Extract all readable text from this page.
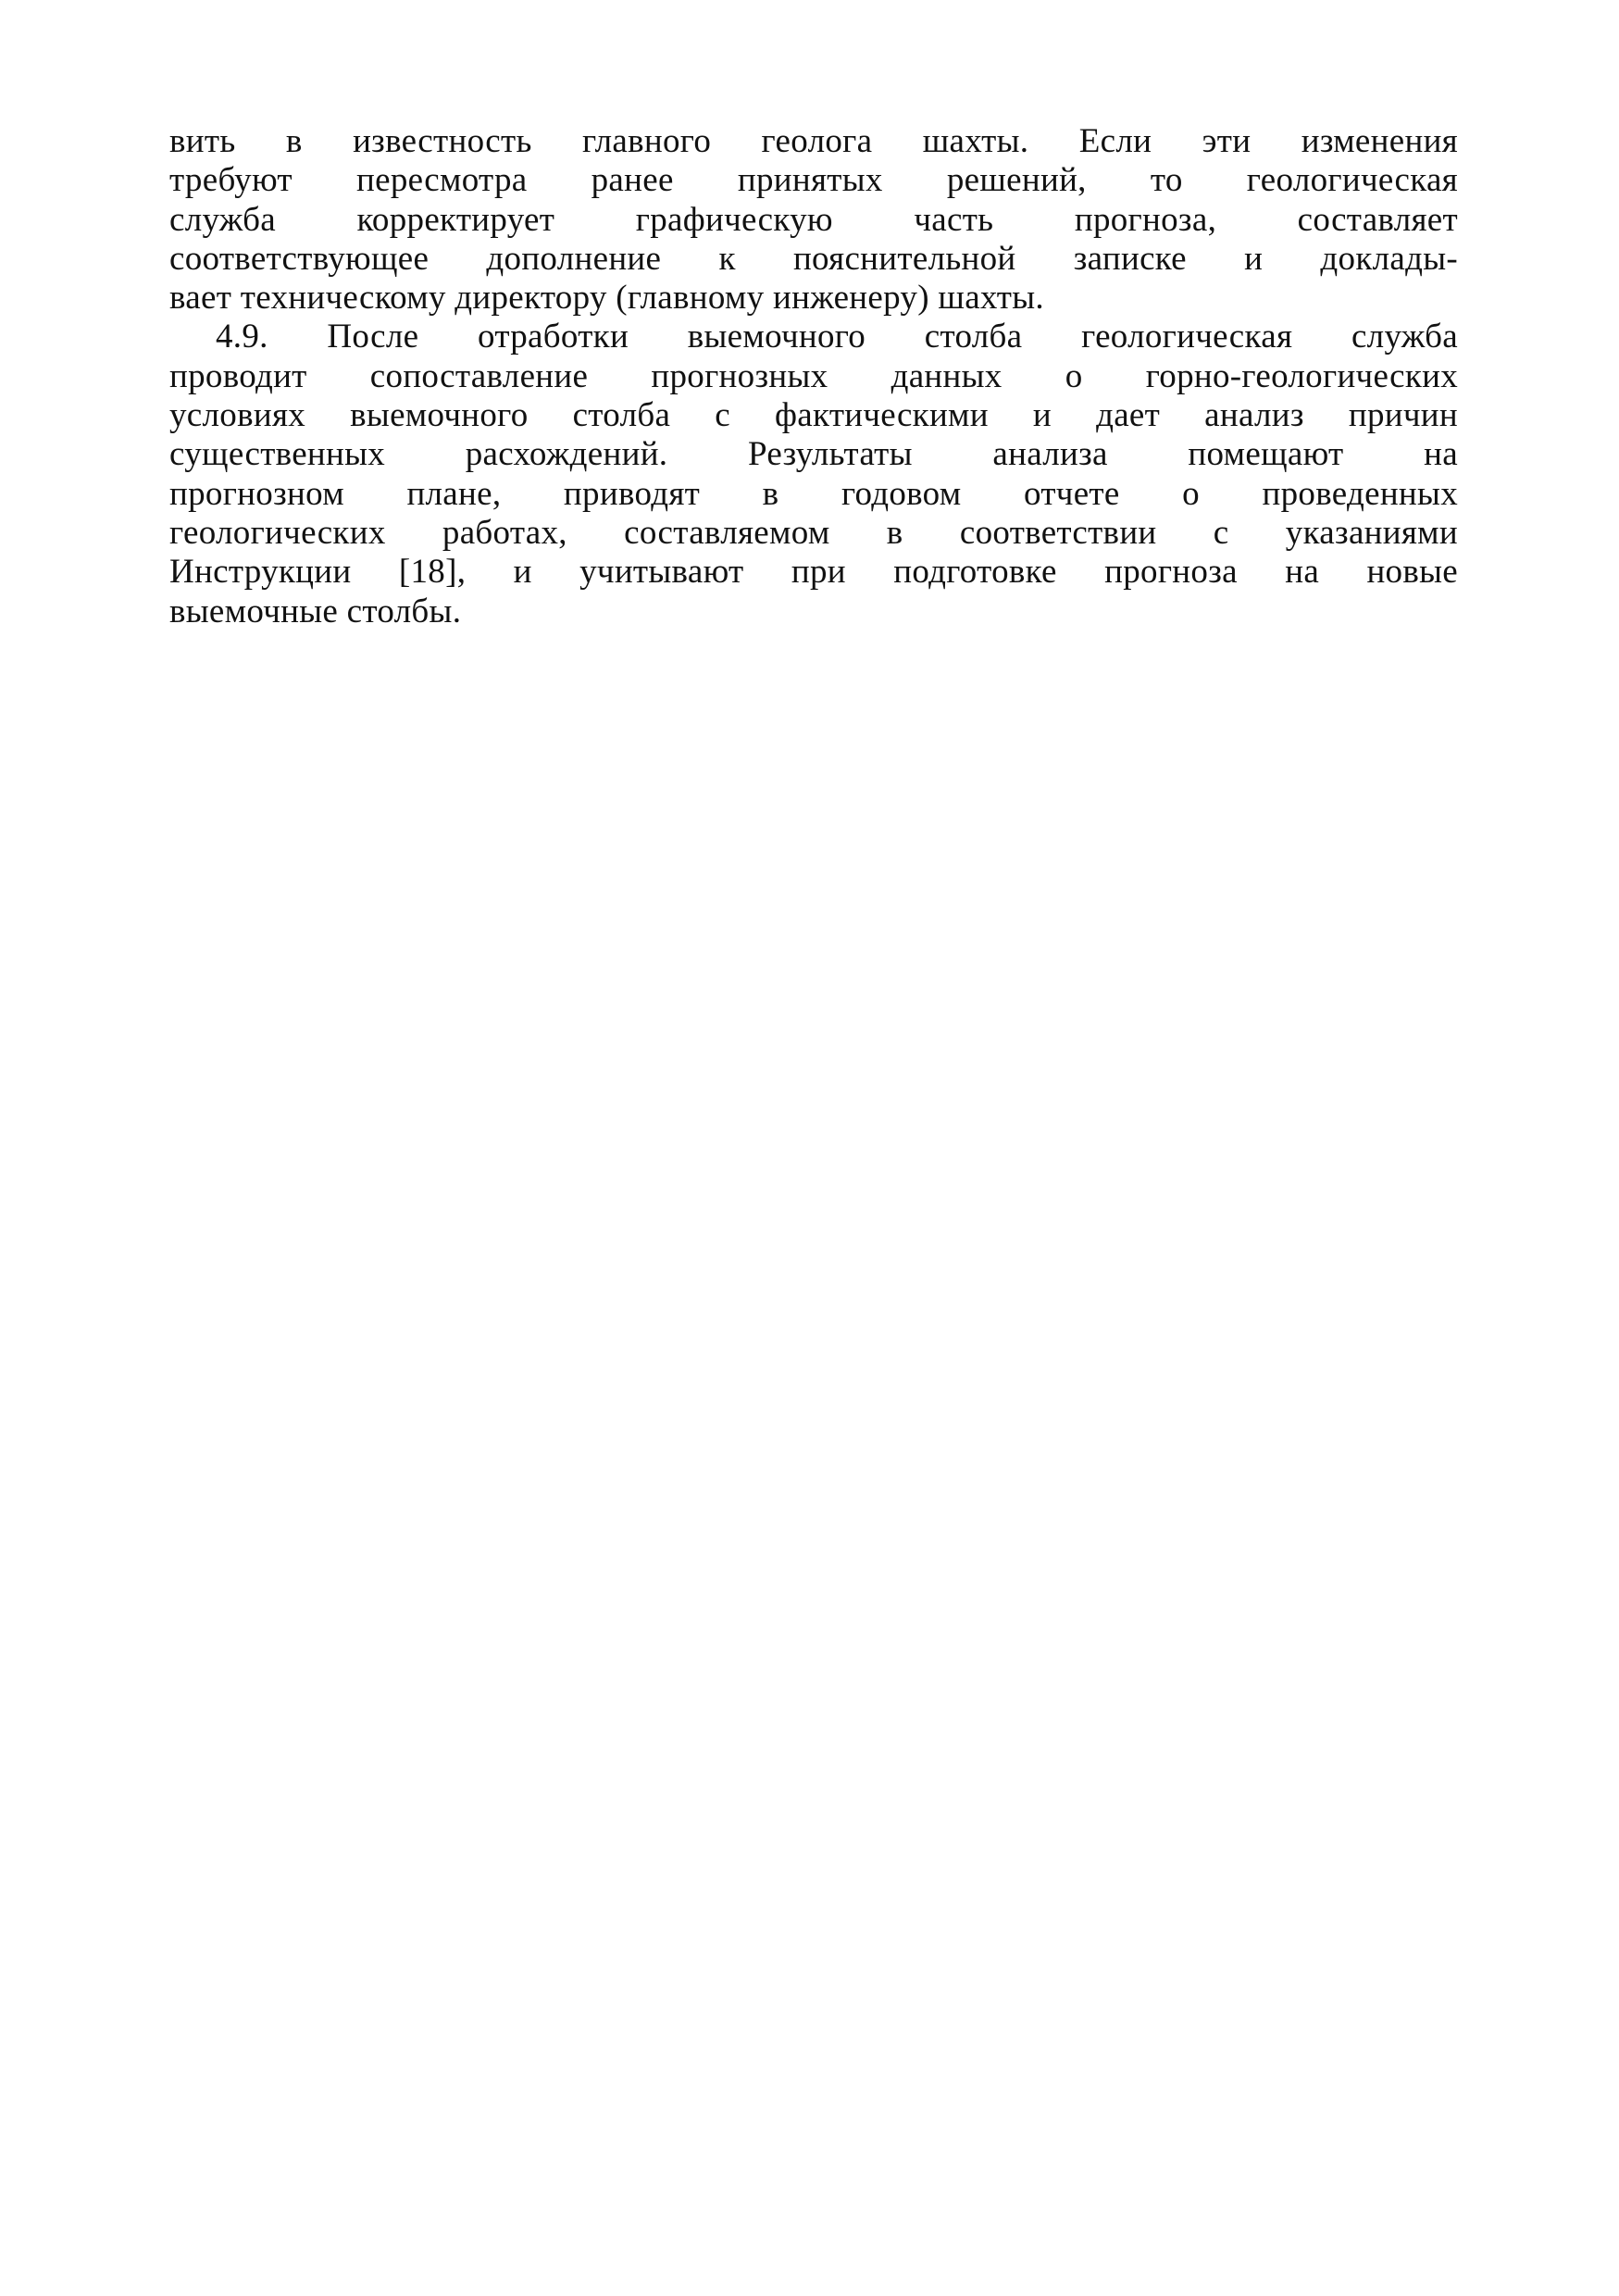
вить в известность главного геолога шахты. Если эти изменения
требуют пересмотра ранее принятых решений, то геологическая
служба корректирует графическую часть прогноза, составляет
соответствующее дополнение к пояснительной записке и доклады-
вает техническому директору (главному инженеру) шахты.
4.9. После отработки выемочного столба геологическая служба
проводит сопоставление прогнозных данных о горно-геологических
условиях выемочного столба с фактическими и дает анализ причин
существенных расхождений. Результаты анализа помещают на
прогнозном плане, приводят в годовом отчете о проведенных
геологических работах, составляемом в соответствии с указаниями
Инструкции [18], и учитывают при подготовке прогноза на новые
выемочные столбы.
